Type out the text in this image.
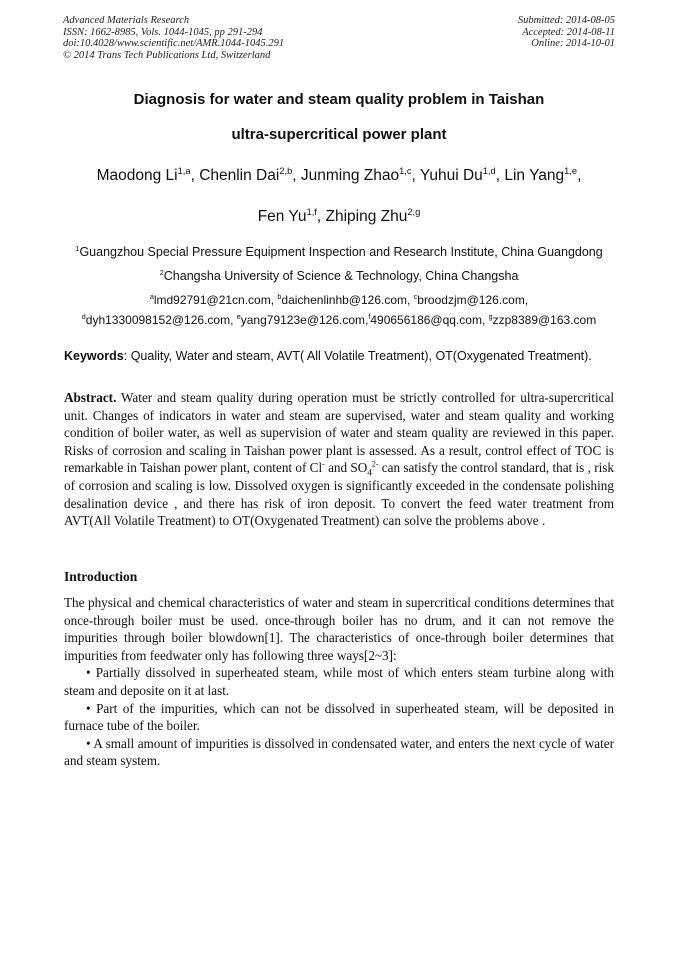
Advanced Materials Research
ISSN: 1662-8985, Vols. 1044-1045, pp 291-294
doi:10.4028/www.scientific.net/AMR.1044-1045.291
© 2014 Trans Tech Publications Ltd, Switzerland
Submitted: 2014-08-05
Accepted: 2014-08-11
Online: 2014-10-01
Diagnosis for water and steam quality problem in Taishan
ultra-supercritical power plant
Maodong Li$^{1,a}$, Chenlin Dai$^{2,b}$, Junming Zhao$^{1,c}$, Yuhui Du$^{1,d}$, Lin Yang$^{1,e}$,
Fen Yu$^{1,f}$, Zhiping Zhu$^{2,g}$
$^1$Guangzhou Special Pressure Equipment Inspection and Research Institute, China Guangdong
$^2$Changsha University of Science & Technology, China Changsha
$^a$lmd92791@21cn.com, $^b$daichenlinhb@126.com, $^c$broodzjm@126.com,
$^d$dyh1330098152@126.com, $^e$yang79123e@126.com,$^f$490656186@qq.com, $^g$zzp8389@163.com
Keywords: Quality, Water and steam, AVT( All Volatile Treatment), OT(Oxygenated Treatment).

Abstract. Water and steam quality during operation must be strictly controlled for ultra-supercritical unit. Changes of indicators in water and steam are supervised, water and steam quality and working condition of boiler water, as well as supervision of water and steam quality are reviewed in this paper. Risks of corrosion and scaling in Taishan power plant is assessed. As a result, control effect of TOC is remarkable in Taishan power plant, content of Cl- and $SO_4^{2-}$ can satisfy the control standard, that is , risk of corrosion and scaling is low. Dissolved oxygen is significantly exceeded in the condensate polishing desalination device , and there has risk of iron deposit. To convert the feed water treatment from AVT(All Volatile Treatment) to OT(Oxygenated Treatment) can solve the problems above .

Introduction

The physical and chemical characteristics of water and steam in supercritical conditions determines that once-through boiler must be used. once-through boiler has no drum, and it can not remove the impurities through boiler blowdown[1]. The characteristics of once-through boiler determines that impurities from feedwater only has following three ways[2~3]:

• Partially dissolved in superheated steam, while most of which enters steam turbine along with steam and deposite on it at last.

• Part of the impurities, which can not be dissolved in superheated steam, will be deposited in furnace tube of the boiler.

• A small amount of impurities is dissolved in condensated water, and enters the next cycle of water and steam system.
